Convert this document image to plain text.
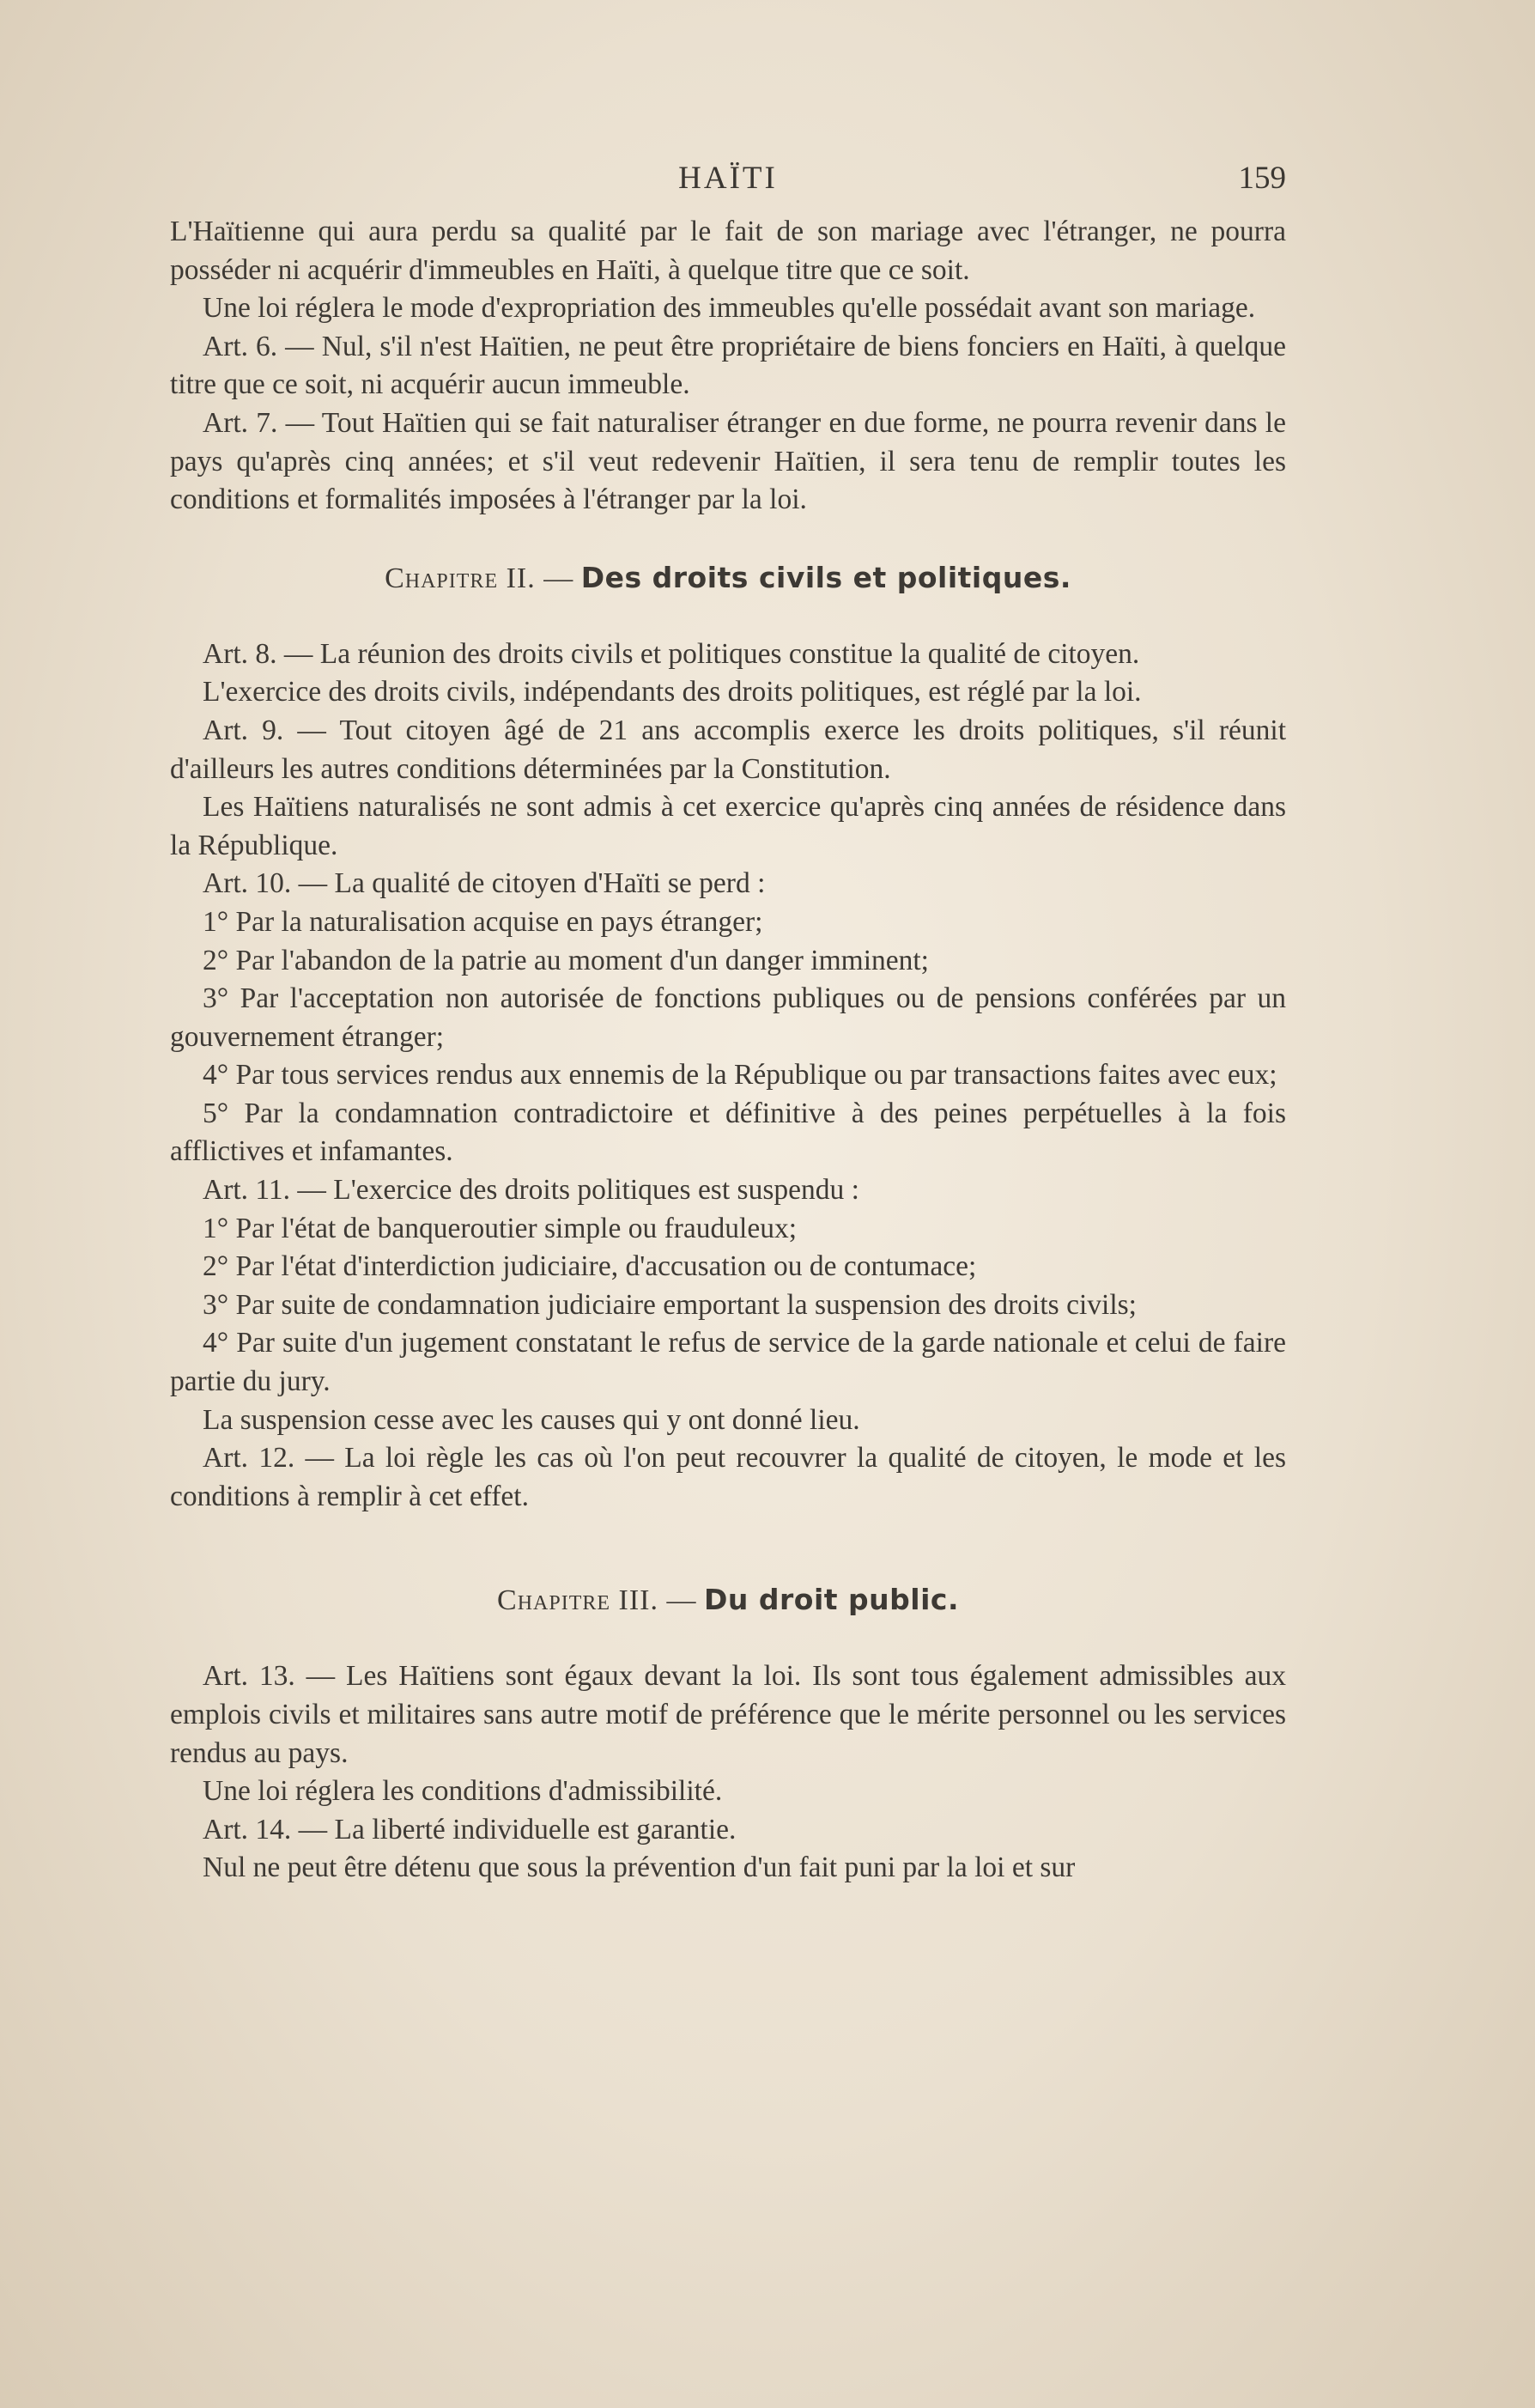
HAÏTI	159

L'Haïtienne qui aura perdu sa qualité par le fait de son mariage avec l'étranger, ne pourra posséder ni acquérir d'immeubles en Haïti, à quelque titre que ce soit.

Une loi réglera le mode d'expropriation des immeubles qu'elle possédait avant son mariage.

Art. 6. — Nul, s'il n'est Haïtien, ne peut être propriétaire de biens fonciers en Haïti, à quelque titre que ce soit, ni acquérir aucun immeuble.

Art. 7. — Tout Haïtien qui se fait naturaliser étranger en due forme, ne pourra revenir dans le pays qu'après cinq années; et s'il veut redevenir Haïtien, il sera tenu de remplir toutes les conditions et formalités imposées à l'étranger par la loi.

Chapitre II. — Des droits civils et politiques.

Art. 8. — La réunion des droits civils et politiques constitue la qualité de citoyen.

L'exercice des droits civils, indépendants des droits politiques, est réglé par la loi.

Art. 9. — Tout citoyen âgé de 21 ans accomplis exerce les droits politiques, s'il réunit d'ailleurs les autres conditions déterminées par la Constitution.

Les Haïtiens naturalisés ne sont admis à cet exercice qu'après cinq années de résidence dans la République.

Art. 10. — La qualité de citoyen d'Haïti se perd :

1° Par la naturalisation acquise en pays étranger;

2° Par l'abandon de la patrie au moment d'un danger imminent;

3° Par l'acceptation non autorisée de fonctions publiques ou de pensions conférées par un gouvernement étranger;

4° Par tous services rendus aux ennemis de la République ou par transactions faites avec eux;

5° Par la condamnation contradictoire et définitive à des peines perpétuelles à la fois afflictives et infamantes.

Art. 11. — L'exercice des droits politiques est suspendu :

1° Par l'état de banqueroutier simple ou frauduleux;

2° Par l'état d'interdiction judiciaire, d'accusation ou de contumace;

3° Par suite de condamnation judiciaire emportant la suspension des droits civils;

4° Par suite d'un jugement constatant le refus de service de la garde nationale et celui de faire partie du jury.

La suspension cesse avec les causes qui y ont donné lieu.

Art. 12. — La loi règle les cas où l'on peut recouvrer la qualité de citoyen, le mode et les conditions à remplir à cet effet.

Chapitre III. — Du droit public.

Art. 13. — Les Haïtiens sont égaux devant la loi. Ils sont tous également admissibles aux emplois civils et militaires sans autre motif de préférence que le mérite personnel ou les services rendus au pays.

Une loi réglera les conditions d'admissibilité.

Art. 14. — La liberté individuelle est garantie.

Nul ne peut être détenu que sous la prévention d'un fait puni par la loi et sur
